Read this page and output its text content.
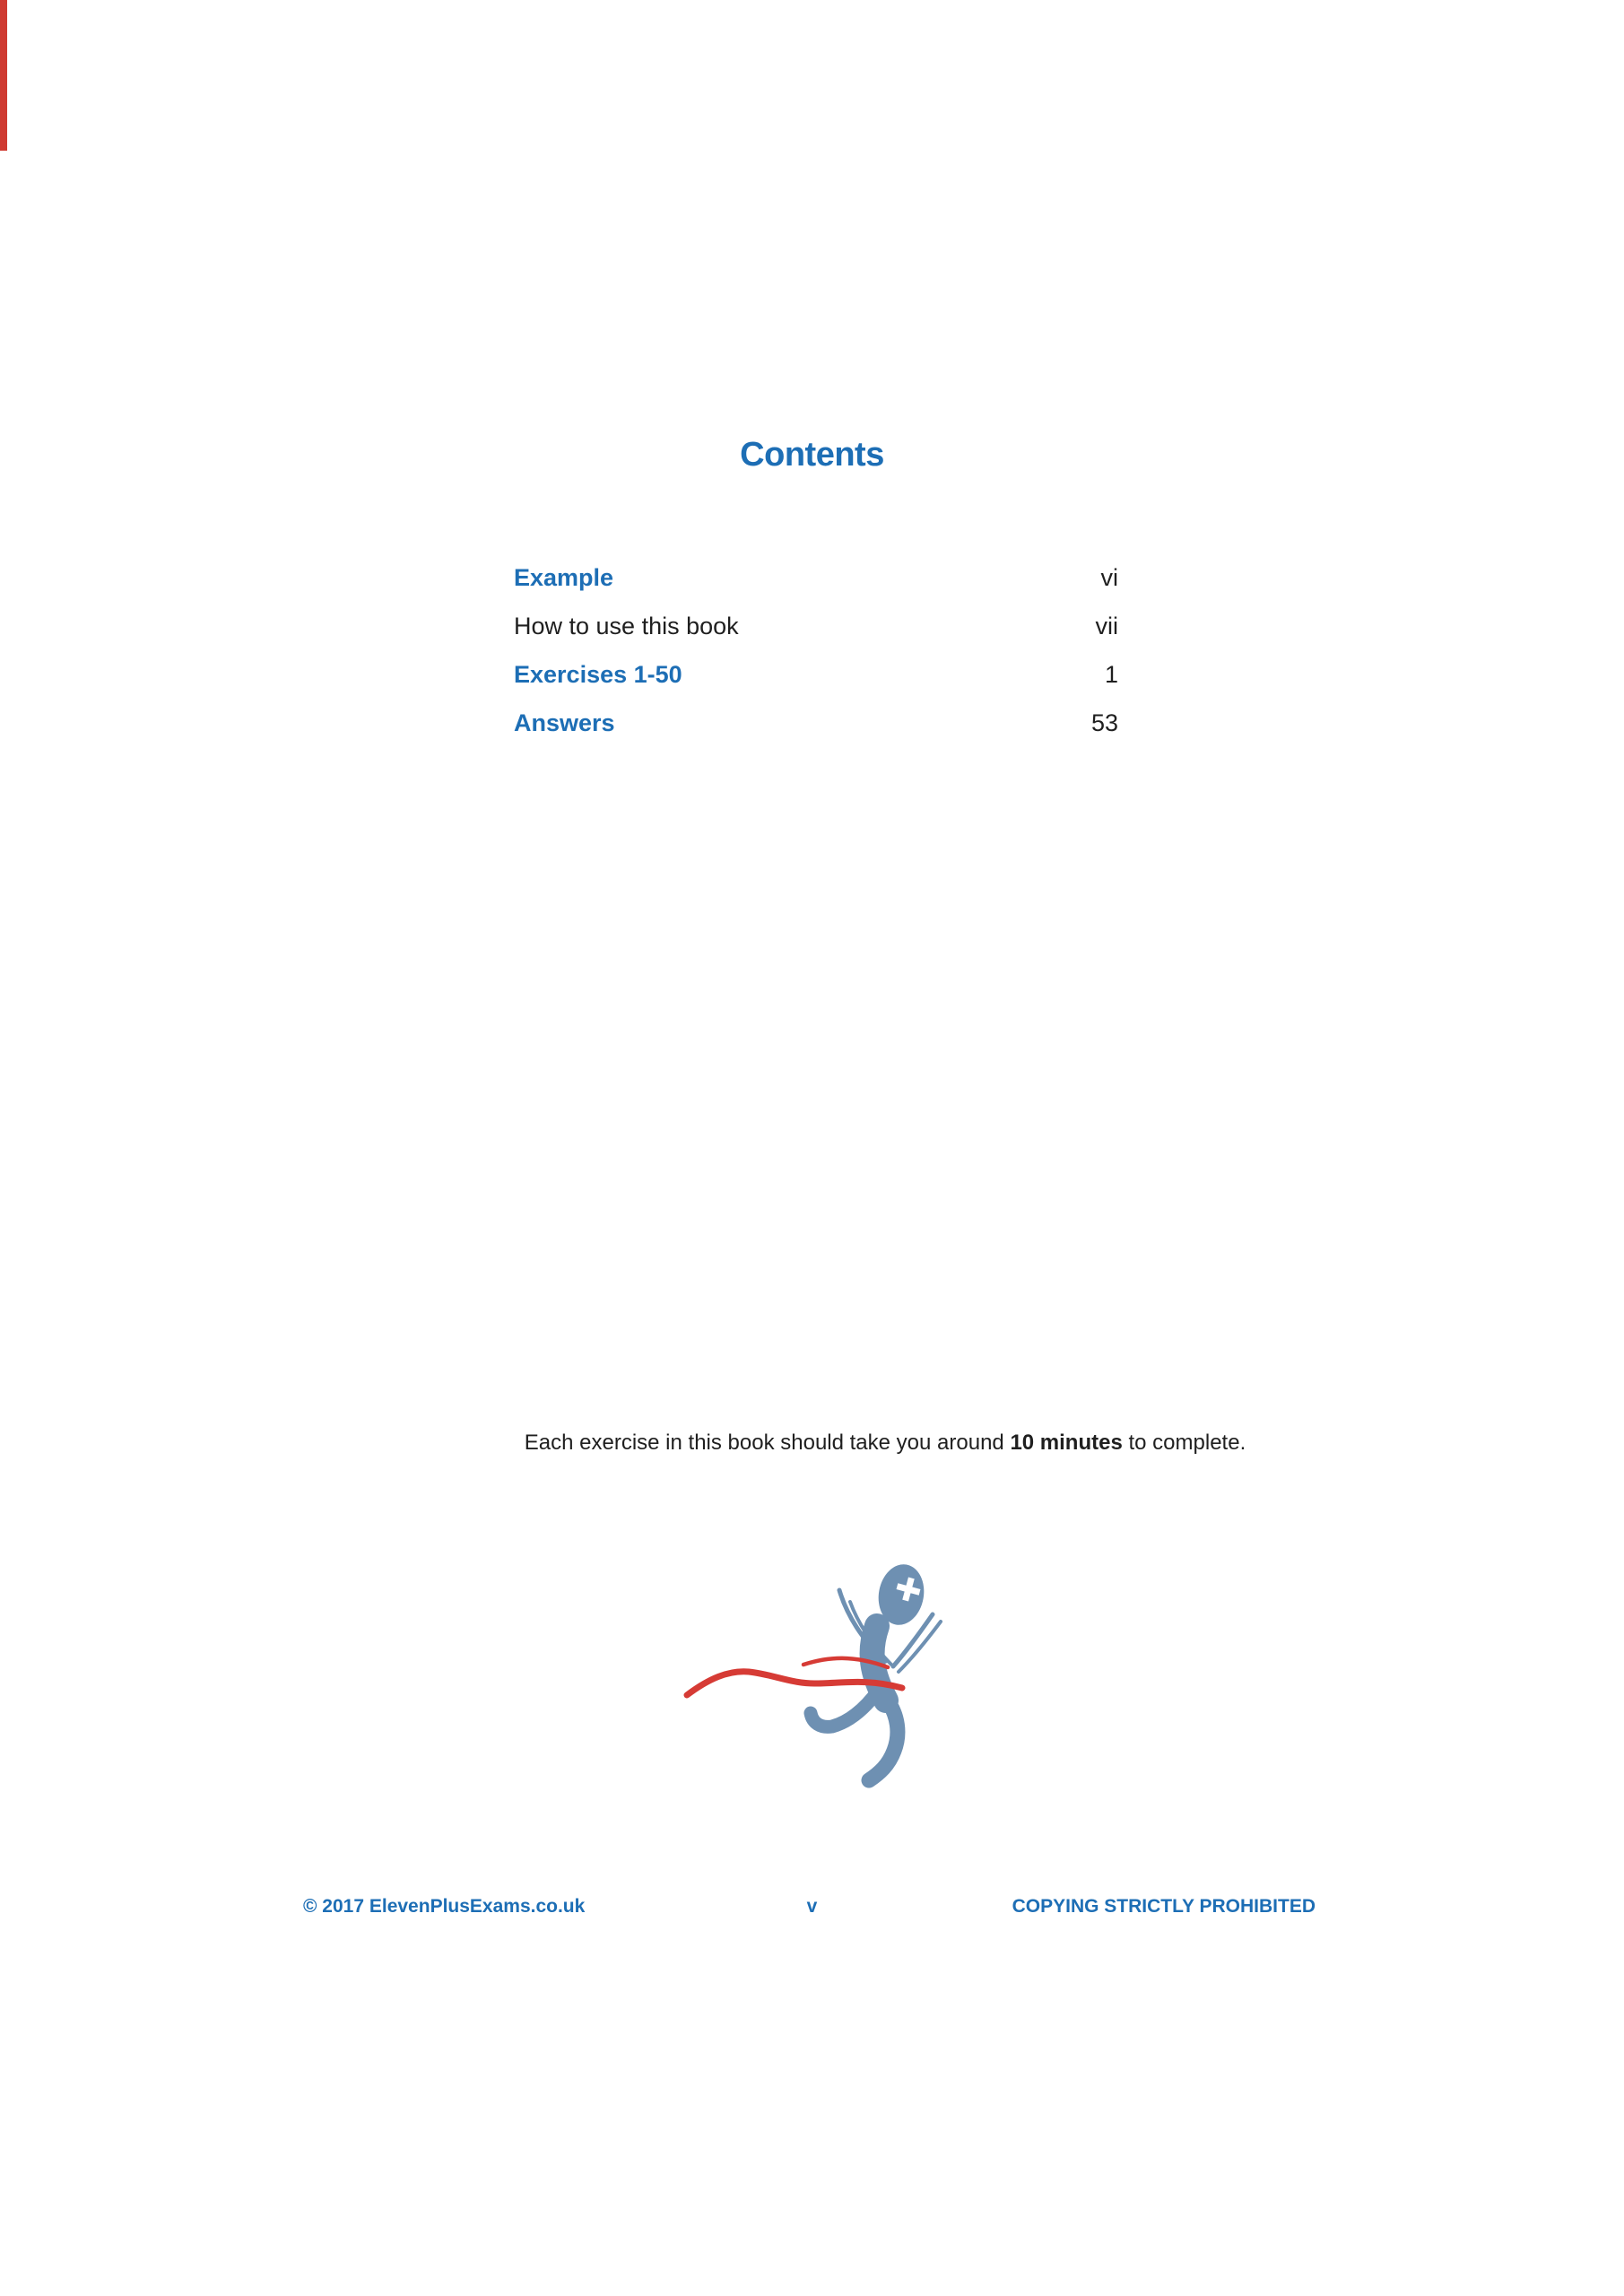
Contents
Example	vi
How to use this book	vii
Exercises 1-50	1
Answers	53
Each exercise in this book should take you around 10 minutes to complete.
© 2017 ElevenPlusExams.co.uk	v	COPYING STRICTLY PROHIBITED
